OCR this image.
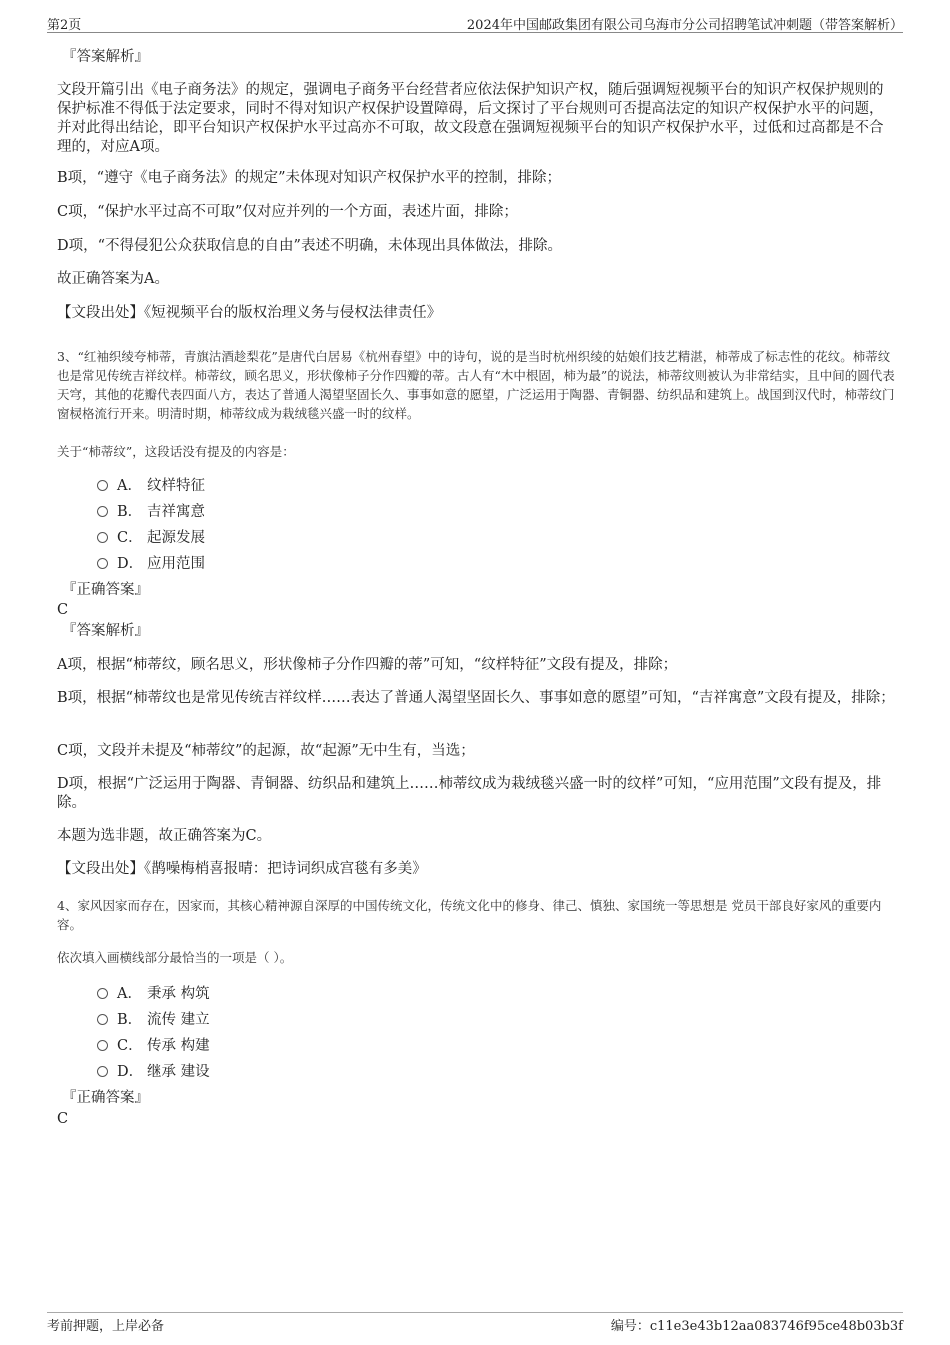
第2页	2024年中国邮政集团有限公司乌海市分公司招聘笔试冲刺题（带答案解析）
『答案解析』
文段开篇引出《电子商务法》的规定，强调电子商务平台经营者应依法保护知识产权，随后强调短视频平台的知识产权保护规则的保护标准不得低于法定要求，同时不得对知识产权保护设置障碍，后文探讨了平台规则可否提高法定的知识产权保护水平的问题，并对此得出结论，即平台知识产权保护水平过高亦不可取，故文段意在强调短视频平台的知识产权保护水平，过低和过高都是不合理的，对应A项。
B项，“遵守《电子商务法》的规定”未体现对知识产权保护水平的控制，排除；
C项，“保护水平过高不可取”仅对应并列的一个方面，表述片面，排除；
D项，“不得侵犯公众获取信息的自由”表述不明确，未体现出具体做法，排除。
故正确答案为A。
【文段出处】《短视频平台的版权治理义务与侵权法律责任》
3、“红袖织绫夸柿蒂，青旗沽酒趁梨花”是唐代白居易《杭州春望》中的诗句，说的是当时杭州织绫的姑娘们技艺精湛，柿蒂成了标志性的花纹。柿蒂纹也是常见传统吉祥纹样。柿蒂纹，顾名思义，形状像柿子分作四瓣的蒂。古人有“木中根固，柿为最”的说法，柿蒂纹则被认为非常结实，且中间的圆代表天穹，其他的花瓣代表四面八方，表达了普通人渴望坚固长久、事事如意的愿望，广泛运用于陶器、青铜器、纺织品和建筑上。战国到汉代时，柿蒂纹门窗棂格流行开来。明清时期，柿蒂纹成为栽绒毯兴盛一时的纹样。
关于“柿蒂纹”，这段话没有提及的内容是：
A． 纹样特征
B． 吉祥寓意
C． 起源发展
D． 应用范围
『正确答案』
C
『答案解析』
A项，根据“柿蒂纹，顾名思义，形状像柿子分作四瓣的蒂”可知，“纹样特征”文段有提及，排除；
B项，根据“柿蒂纹也是常见传统吉祥纹样……表达了普通人渴望坚固长久、事事如意的愿望”可知，“吉祥寓意”文段有提及，排除；
C项，文段并未提及“柿蒂纹”的起源，故“起源”无中生有，当选；
D项，根据“广泛运用于陶器、青铜器、纺织品和建筑上……柿蒂纹成为栽绒毯兴盛一时的纹样”可知，“应用范围”文段有提及，排除。
本题为选非题，故正确答案为C。
【文段出处】《鹊噪梅梢喜报晴：把诗词织成宫毯有多美》
4、家风因家而存在，因家而，其核心精神源自深厚的中国传统文化，传统文化中的修身、律己、慎独、家国统一等思想是 党员干部良好家风的重要内容。
依次填入画横线部分最恰当的一项是（ ）。
A． 秉承 构筑
B． 流传 建立
C． 传承 构建
D． 继承 建设
『正确答案』
C
考前押题，上岸必备	编号：c11e3e43b12aa083746f95ce48b03b3f
